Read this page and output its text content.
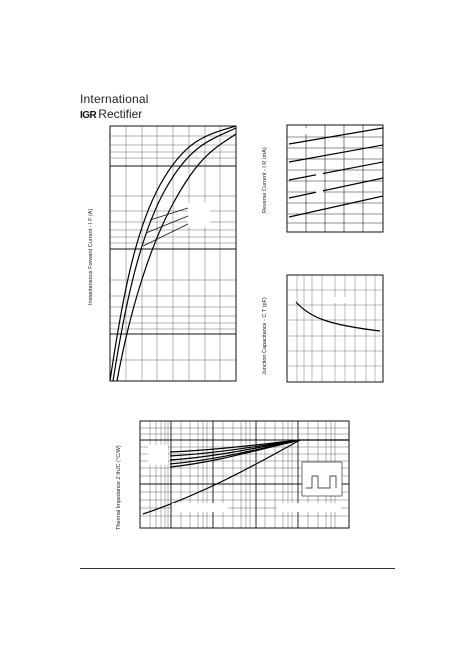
International
IGR Rectifier
Instantaneous Forward Current - I F (A)
Reverse Current - I R (mA)
Junction Capacitance - C T (pF)
Thermal Impedance Z thJC (°C/W)
